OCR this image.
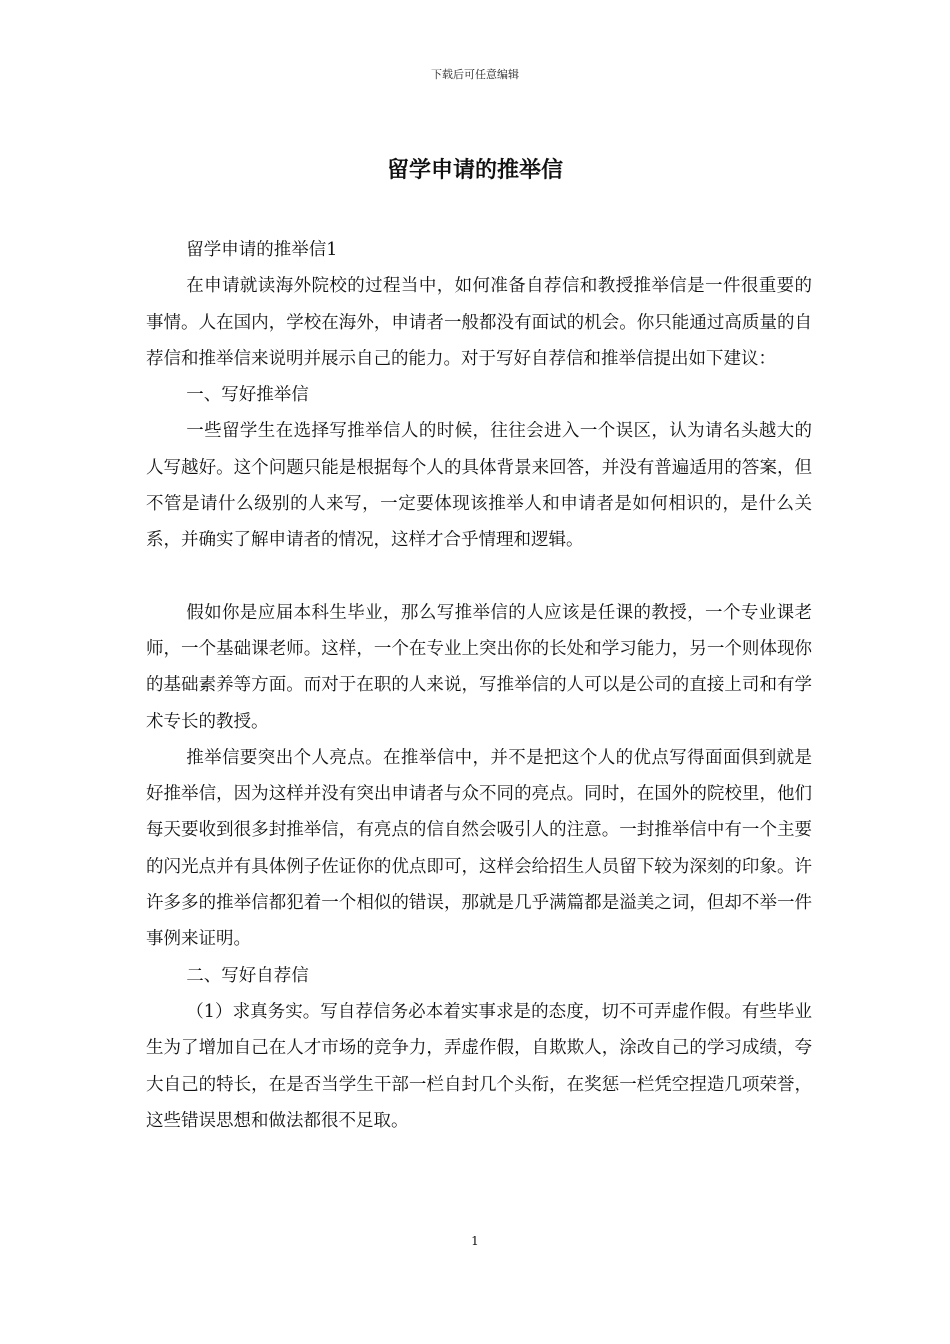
下载后可任意编辑
留学申请的推举信

留学申请的推举信1

在申请就读海外院校的过程当中，如何准备自荐信和教授推举信是一件很重要的事情。人在国内，学校在海外，申请者一般都没有面试的机会。你只能通过高质量的自荐信和推举信来说明并展示自己的能力。对于写好自荐信和推举信提出如下建议：

一、写好推举信

一些留学生在选择写推举信人的时候，往往会进入一个误区，认为请名头越大的人写越好。这个问题只能是根据每个人的具体背景来回答，并没有普遍适用的答案，但不管是请什么级别的人来写，一定要体现该推举人和申请者是如何相识的，是什么关系，并确实了解申请者的情况，这样才合乎情理和逻辑。

假如你是应届本科生毕业，那么写推举信的人应该是任课的教授，一个专业课老师，一个基础课老师。这样，一个在专业上突出你的长处和学习能力，另一个则体现你的基础素养等方面。而对于在职的人来说，写推举信的人可以是公司的直接上司和有学术专长的教授。

推举信要突出个人亮点。在推举信中，并不是把这个人的优点写得面面俱到就是好推举信，因为这样并没有突出申请者与众不同的亮点。同时，在国外的院校里，他们每天要收到很多封推举信，有亮点的信自然会吸引人的注意。一封推举信中有一个主要的闪光点并有具体例子佐证你的优点即可，这样会给招生人员留下较为深刻的印象。许许多多的推举信都犯着一个相似的错误，那就是几乎满篇都是溢美之词，但却不举一件事例来证明。

二、写好自荐信

（1）求真务实。写自荐信务必本着实事求是的态度，切不可弄虚作假。有些毕业生为了增加自己在人才市场的竞争力，弄虚作假，自欺欺人，涂改自己的学习成绩，夸大自己的特长，在是否当学生干部一栏自封几个头衔，在奖惩一栏凭空捏造几项荣誉，这些错误思想和做法都很不足取。

1
